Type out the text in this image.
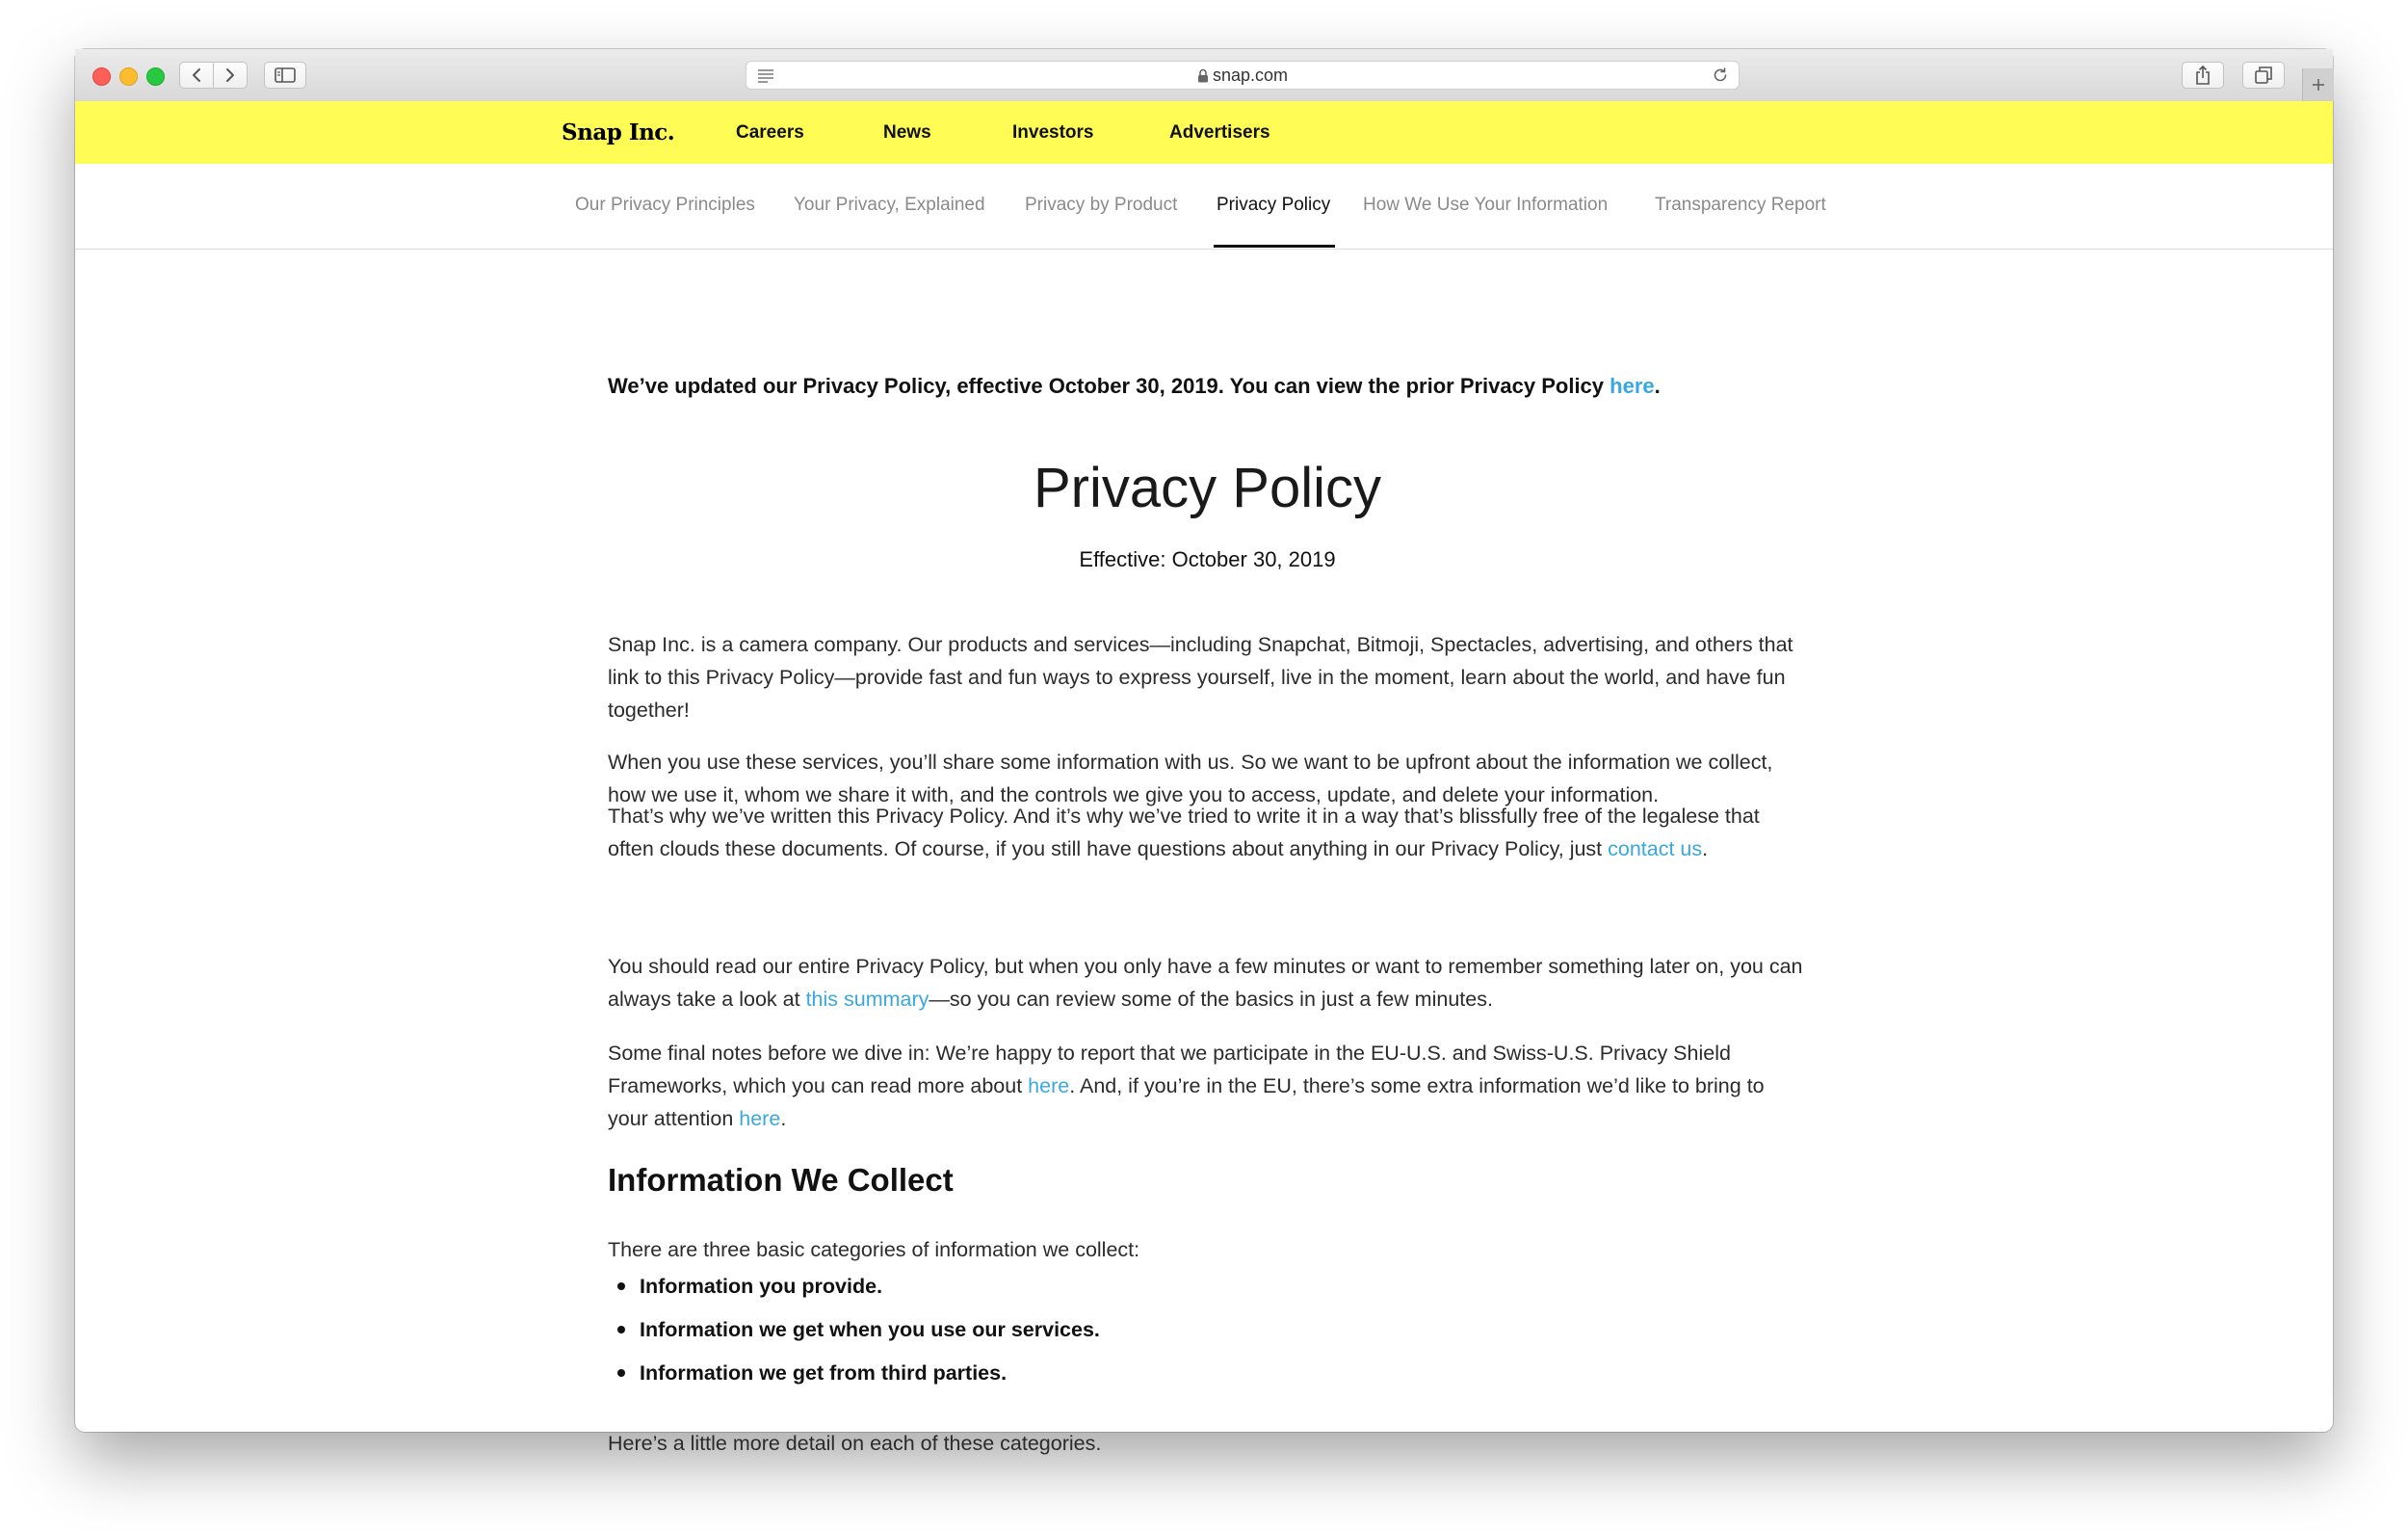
snap.com
Snap Inc.	Careers	News	Investors	Advertisers
Our Privacy Principles Your Privacy, Explained Privacy by Product Privacy Policy How We Use Your Information	Transparency Report
We’ve updated our Privacy Policy, effective October 30, 2019. You can view the prior Privacy Policy here.
Privacy Policy
Effective: October 30, 2019

Snap Inc. is a camera company. Our products and services—including Snapchat, Bitmoji, Spectacles, advertising, and others that link to this Privacy Policy—provide fast and fun ways to express yourself, live in the moment, learn about the world, and have fun together!

When you use these services, you’ll share some information with us. So we want to be upfront about the information we collect, how we use it, whom we share it with, and the controls we give you to access, update, and delete your information.

That’s why we’ve written this Privacy Policy. And it’s why we’ve tried to write it in a way that’s blissfully free of the legalese that often clouds these documents. Of course, if you still have questions about anything in our Privacy Policy, just contact us.

You should read our entire Privacy Policy, but when you only have a few minutes or want to remember something later on, you can always take a look at this summary—so you can review some of the basics in just a few minutes.

Some final notes before we dive in: We’re happy to report that we participate in the EU-U.S. and Swiss-U.S. Privacy Shield Frameworks, which you can read more about here. And, if you’re in the EU, there’s some extra information we’d like to bring to your attention here.

Information We Collect

There are three basic categories of information we collect:

Information you provide.
Information we get when you use our services.
Information we get from third parties.

Here’s a little more detail on each of these categories.
